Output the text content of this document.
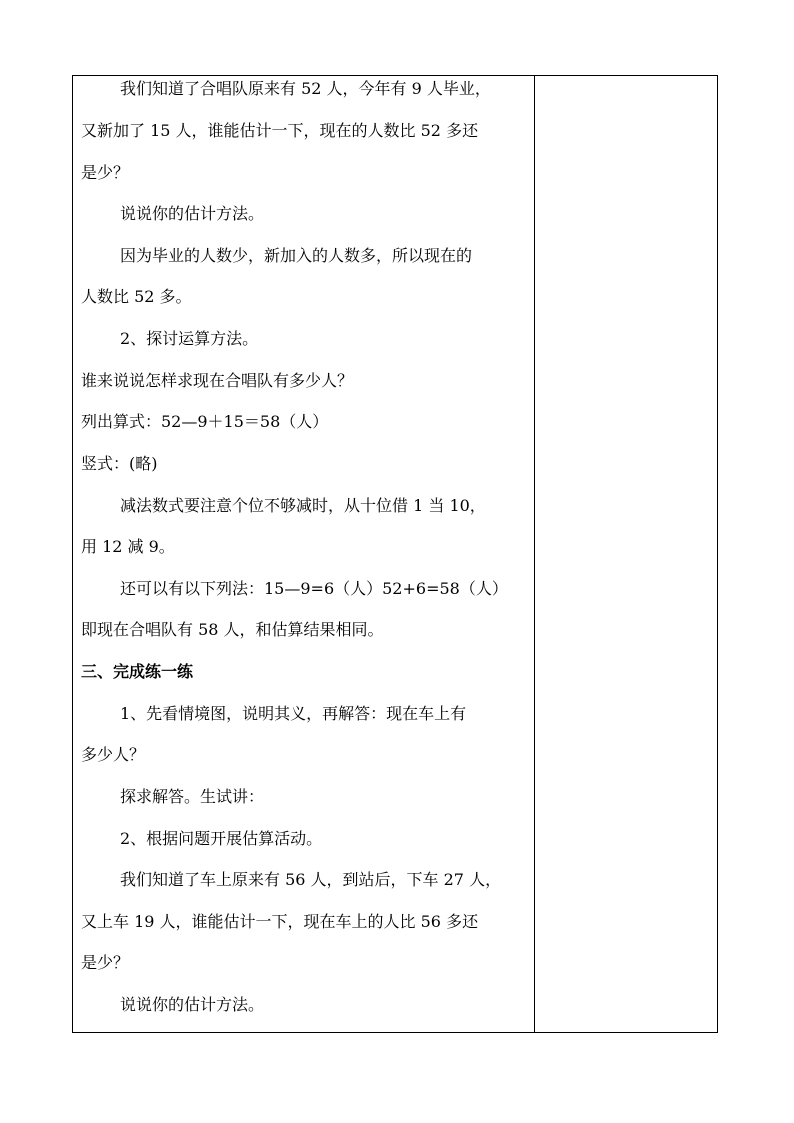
我们知道了合唱队原来有 52 人，今年有 9 人毕业，
又新加了 15 人，谁能估计一下，现在的人数比 52 多还
是少？
说说你的估计方法。
因为毕业的人数少，新加入的人数多，所以现在的
人数比 52 多。
2、探讨运算方法。
谁来说说怎样求现在合唱队有多少人？
列出算式：52—9＋15＝58（人）
竖式：(略)
减法数式要注意个位不够减时，从十位借 1 当 10，
用 12 减 9。
还可以有以下列法：15—9=6（人）52+6=58（人）
即现在合唱队有 58 人，和估算结果相同。
三、完成练一练
1、先看情境图，说明其义，再解答：现在车上有
多少人？
探求解答。生试讲：
2、根据问题开展估算活动。
我们知道了车上原来有 56 人，到站后，下车 27 人，
又上车 19 人，谁能估计一下，现在车上的人比 56 多还
是少？
说说你的估计方法。
